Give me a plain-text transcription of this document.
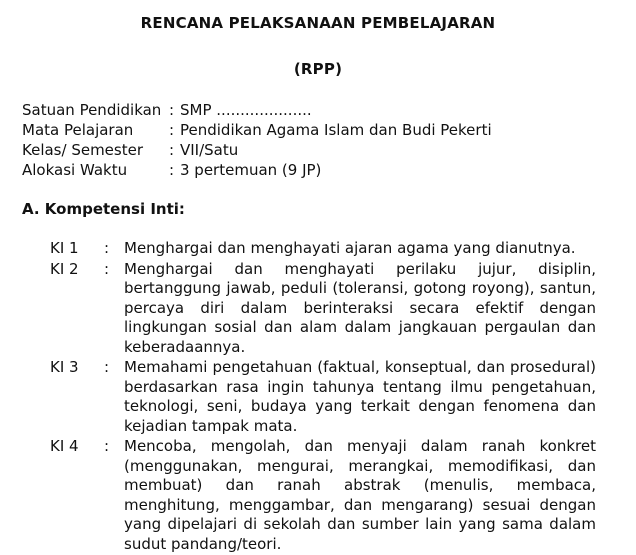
RENCANA PELAKSANAAN PEMBELAJARAN
(RPP)
Satuan Pendidikan : SMP ....................
Mata Pelajaran : Pendidikan Agama Islam dan Budi Pekerti
Kelas/ Semester : VII/Satu
Alokasi Waktu	: 3 pertemuan (9 JP)
A. Kompetensi Inti:
KI 1 : Menghargai dan menghayati ajaran agama yang dianutnya.
KI 2 : Menghargai dan menghayati perilaku jujur, disiplin, bertanggung jawab, peduli (toleransi, gotong royong), santun, percaya diri dalam berinteraksi secara efektif dengan lingkungan sosial dan alam dalam jangkauan pergaulan dan keberadaannya.
KI 3 : Memahami pengetahuan (faktual, konseptual, dan prosedural) berdasarkan rasa ingin tahunya tentang ilmu pengetahuan, teknologi, seni, budaya yang terkait dengan fenomena dan kejadian tampak mata.
KI 4 : Mencoba, mengolah, dan menyaji dalam ranah konkret (menggunakan, mengurai, merangkai, memodifikasi, dan membuat) dan ranah abstrak (menulis, membaca, menghitung, menggambar, dan mengarang) sesuai dengan yang dipelajari di sekolah dan sumber lain yang sama dalam sudut pandang/teori.
